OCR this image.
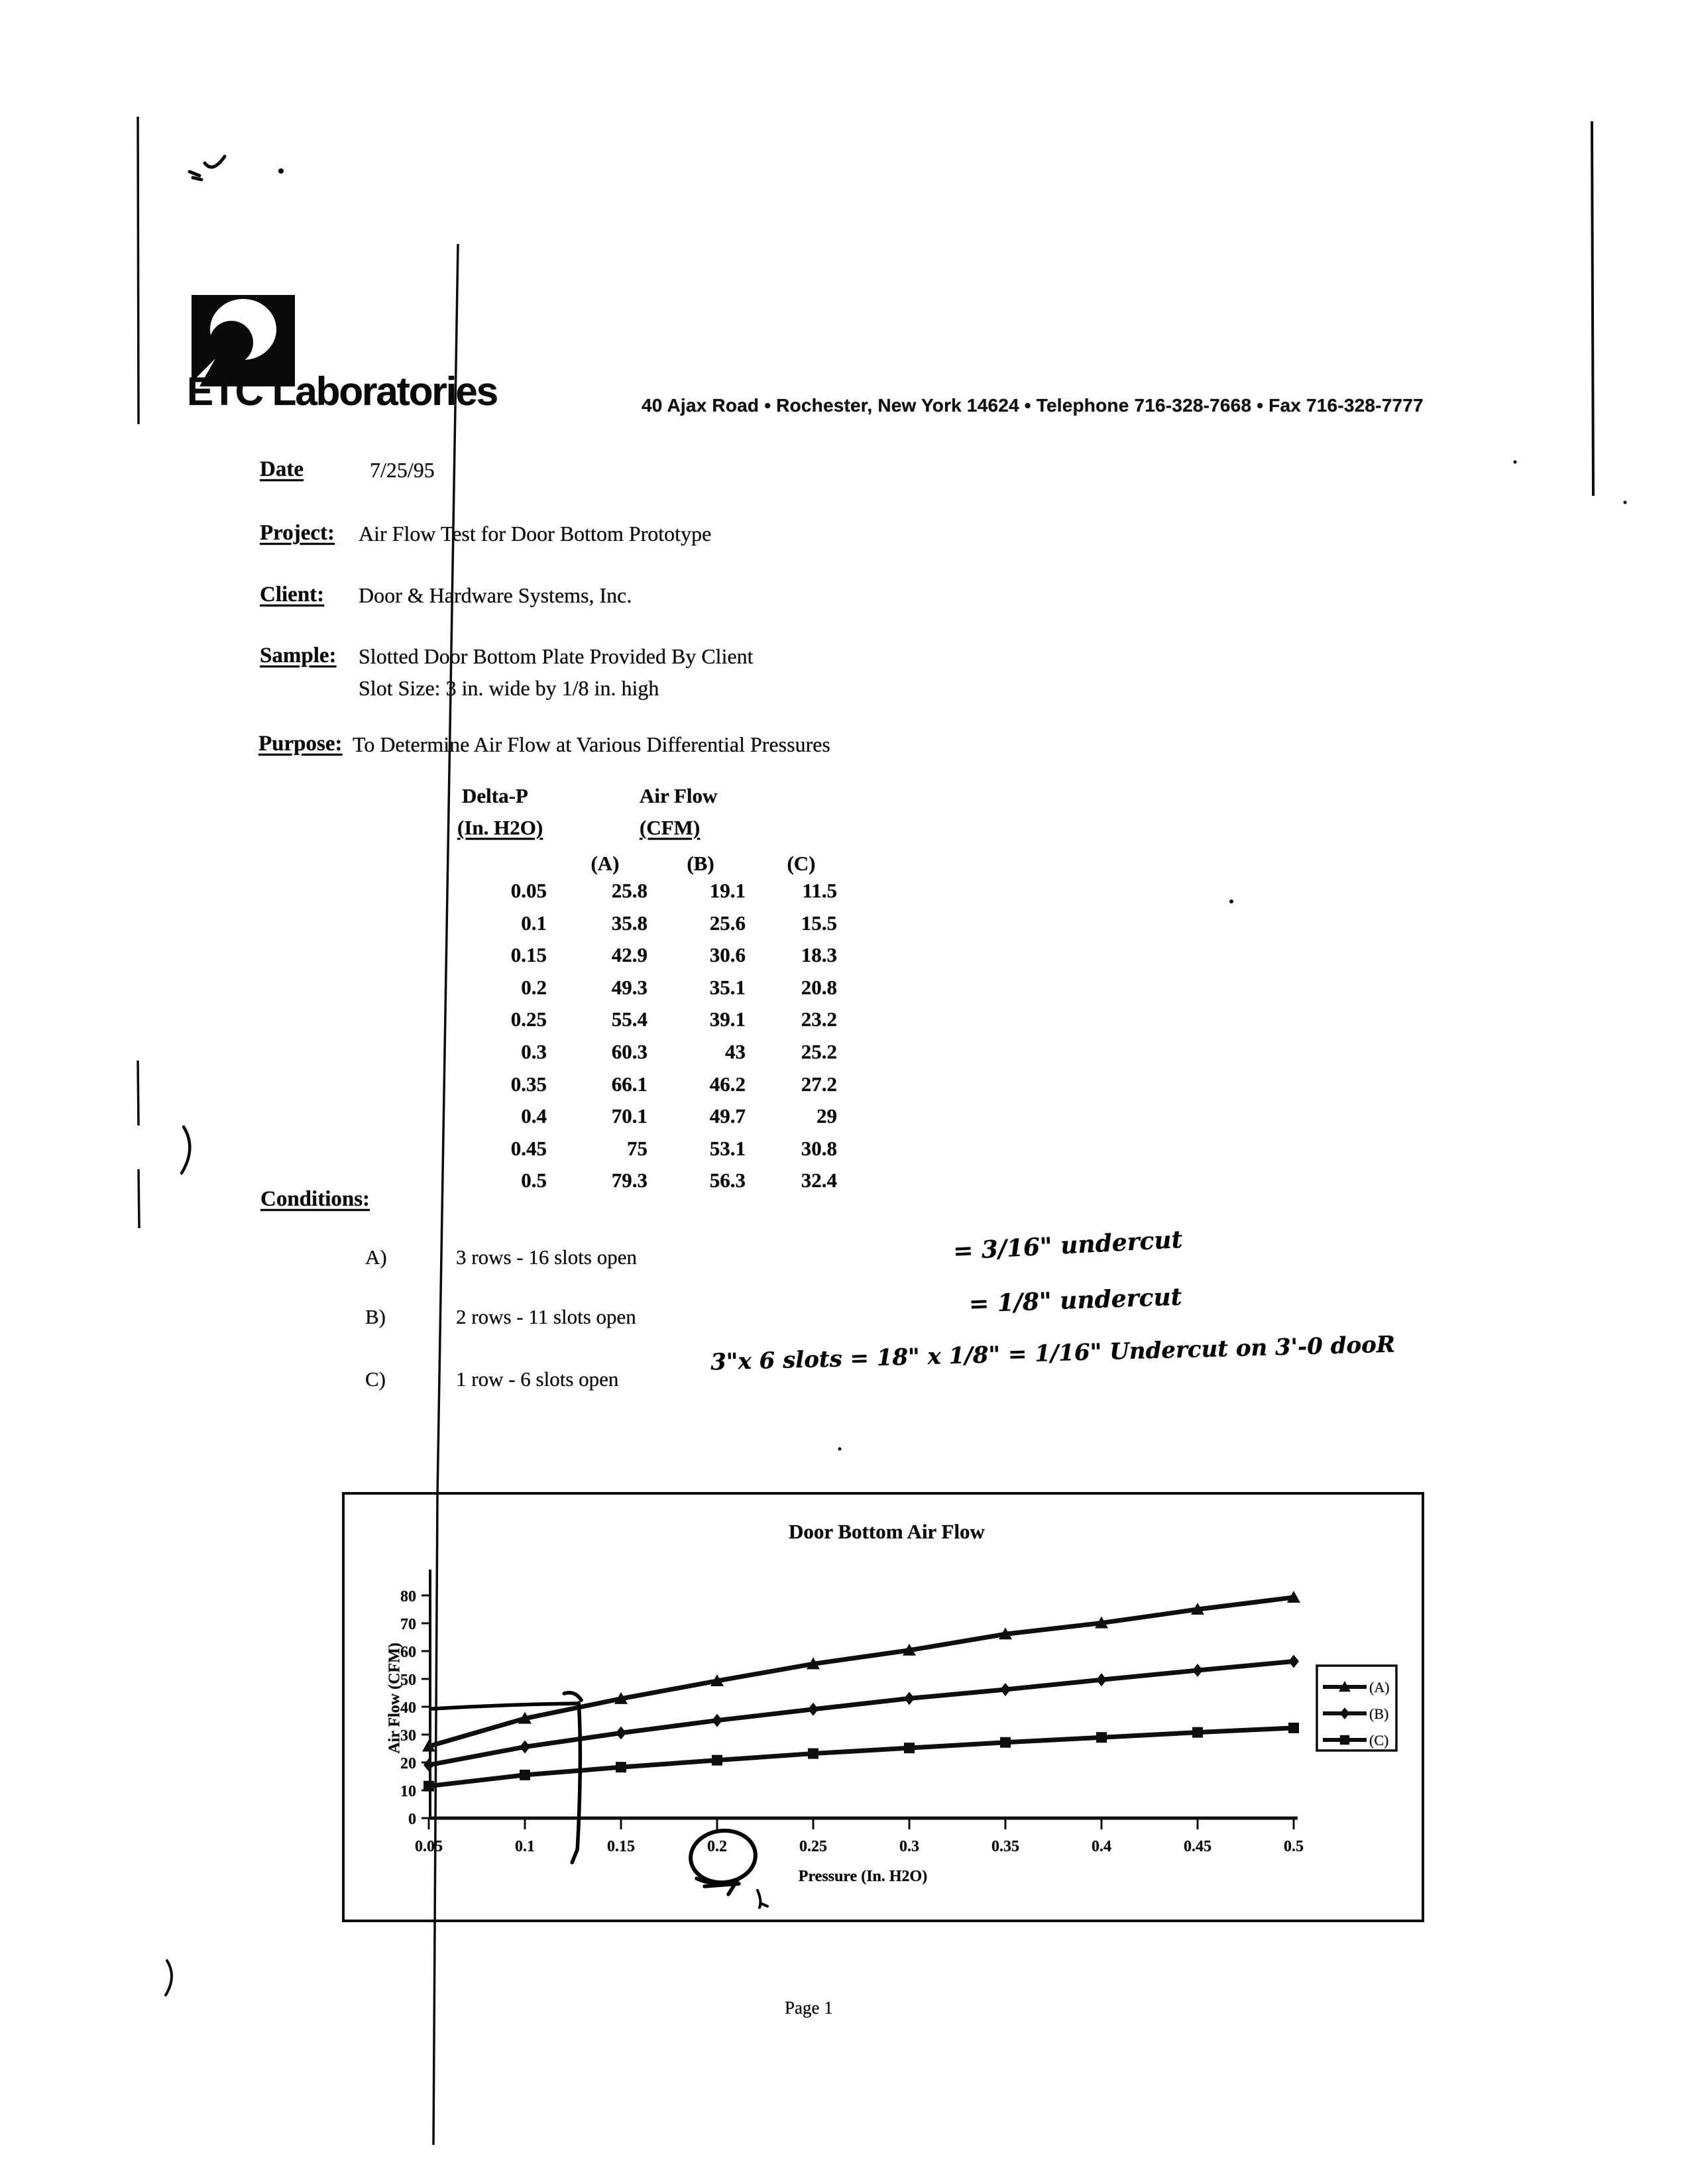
ETC Laboratories	40 Ajax Road • Rochester, New York 14624 • Telephone 716-328-7668 • Fax 716-328-7777
Date	7/25/95
Project: Air Flow Test for Door Bottom Prototype
Client: Door & Hardware Systems, Inc.
Sample: Slotted Door Bottom Plate Provided By Client
Slot Size: 3 in. wide by 1/8 in. high
Purpose: To Determine Air Flow at Various Differential Pressures
Delta-P
(In. H2O)
Air Flow
(CFM)
(A)	(B)	(C)
0.05	25.8	19.1	11.5
0.1	35.8	25.6	15.5
0.15	42.9	30.6	18.3
0.2	49.3	35.1	20.8
0.25	55.4	39.1	23.2
0.3	60.3	43	25.2
0.35	66.1	46.2	27.2
0.4	70.1	49.7	29
0.45	75	53.1	30.8
0.5	79.3	56.3	32.4
Conditions:
A)	3 rows - 16 slots open
B)	2 rows - 11 slots open
C)	1 row - 6 slots open
= 3/16" undercut
= 1/8" undercut
3"x 6 slots = 18" x 1/8" = 1/16" Undercut on 3'-0 dooR
0
10
20
30
40
50
60
70
80
0.05	0.1	0.15	0.2	0.25	0.3	0.35	0.4	0.45	0.5
(A)
(B)
(C)
Door Bottom Air Flow
Air Flow (CFM)
Pressure (In. H2O)
Page 1
